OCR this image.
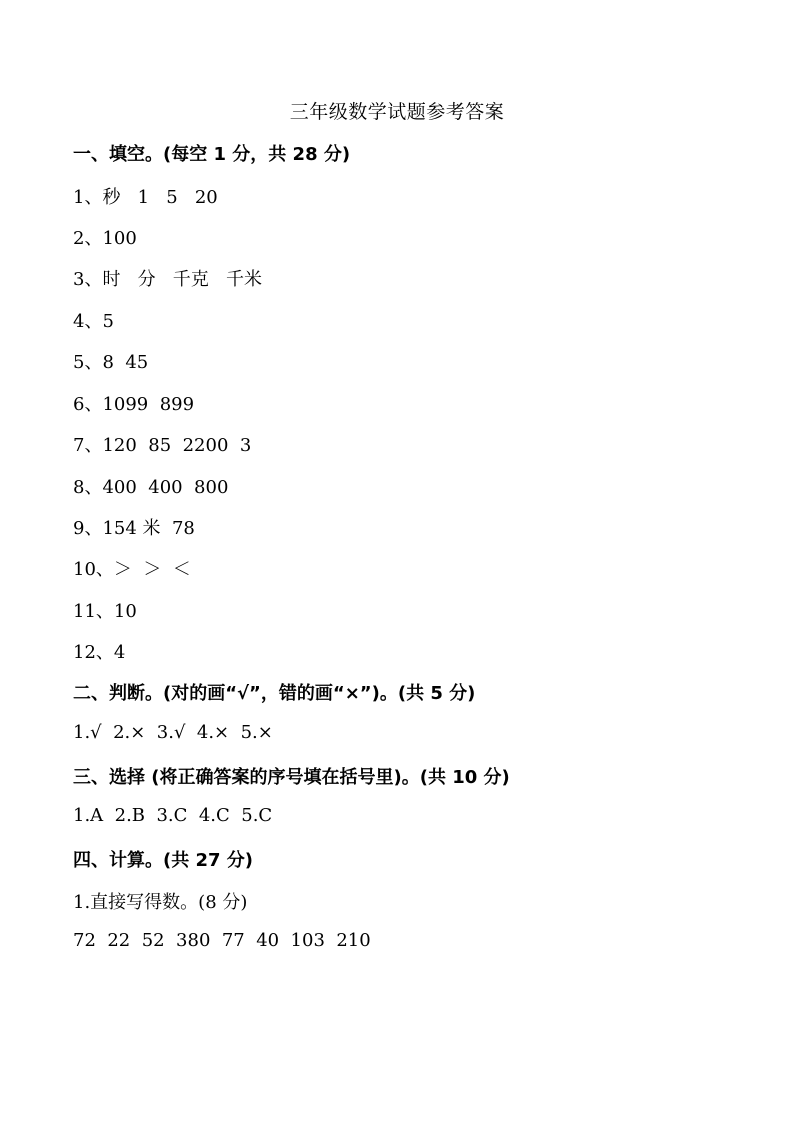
三年级数学试题参考答案
一、填空。(每空 1 分，共 28 分)
1、秒   1   5   20
2、100
3、时   分   千克   千米
4、5
5、8  45
6、1099  899
7、120  85  2200  3
8、400  400  800
9、154 米  78
10、＞  ＞  ＜
11、10
12、4
二、判断。(对的画“√”，错的画“×”)。(共 5 分)
1.√  2.×  3.√  4.×  5.×
三、选择 (将正确答案的序号填在括号里)。(共 10 分)
1.A  2.B  3.C  4.C  5.C
四、计算。(共 27 分)
1.直接写得数。(8 分)
72  22  52  380  77  40  103  210
